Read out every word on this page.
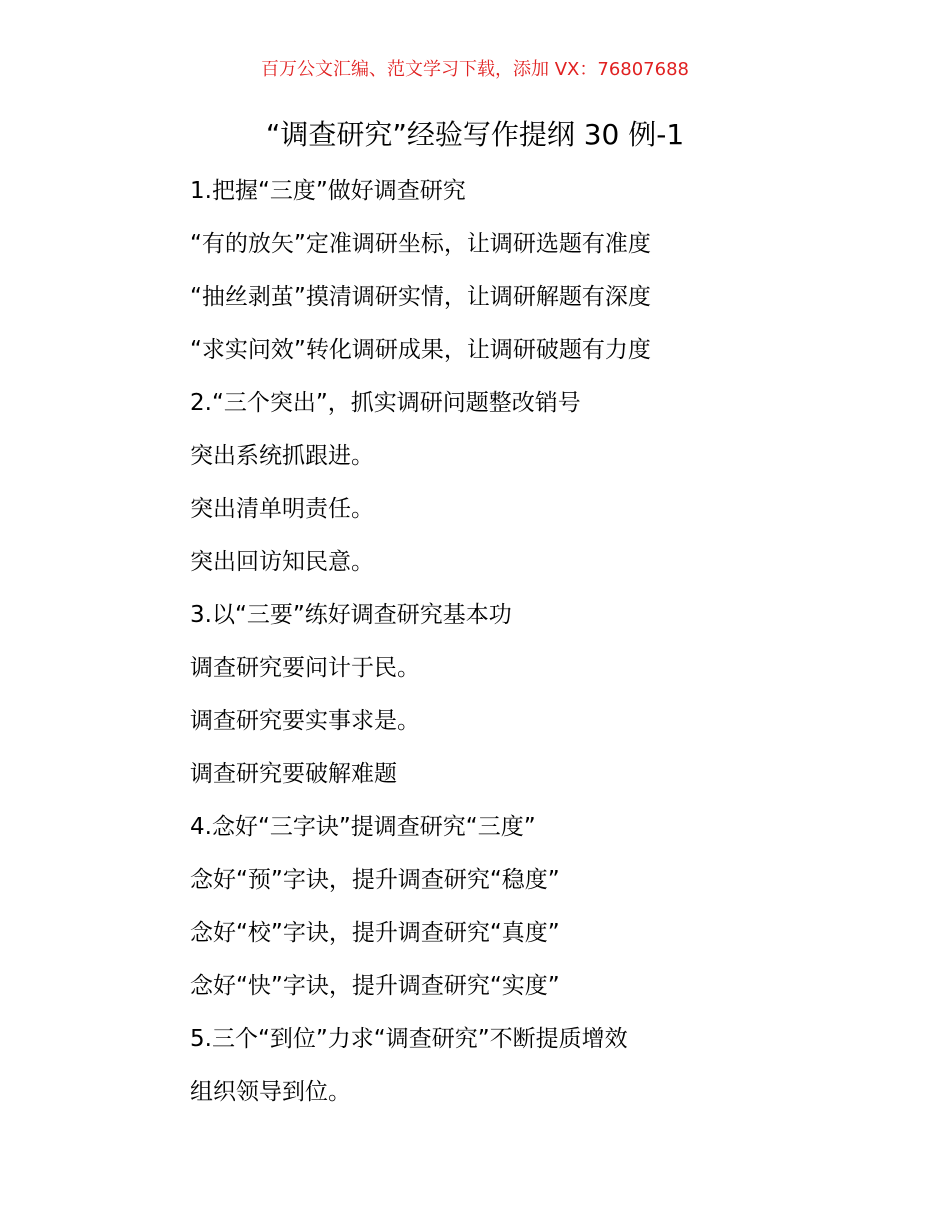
百万公文汇编、范文学习下载，添加 VX：76807688
“调查研究”经验写作提纲 30 例-1
1.把握“三度”做好调查研究
“有的放矢”定准调研坐标，让调研选题有准度
“抽丝剥茧”摸清调研实情，让调研解题有深度
“求实问效”转化调研成果，让调研破题有力度
2.“三个突出”，抓实调研问题整改销号
突出系统抓跟进。
突出清单明责任。
突出回访知民意。
3.以“三要”练好调查研究基本功
调查研究要问计于民。
调查研究要实事求是。
调查研究要破解难题
4.念好“三字诀”提调查研究“三度”
念好“预”字诀，提升调查研究“稳度”
念好“校”字诀，提升调查研究“真度”
念好“快”字诀，提升调查研究“实度”
5.三个“到位”力求“调查研究”不断提质增效
组织领导到位。
